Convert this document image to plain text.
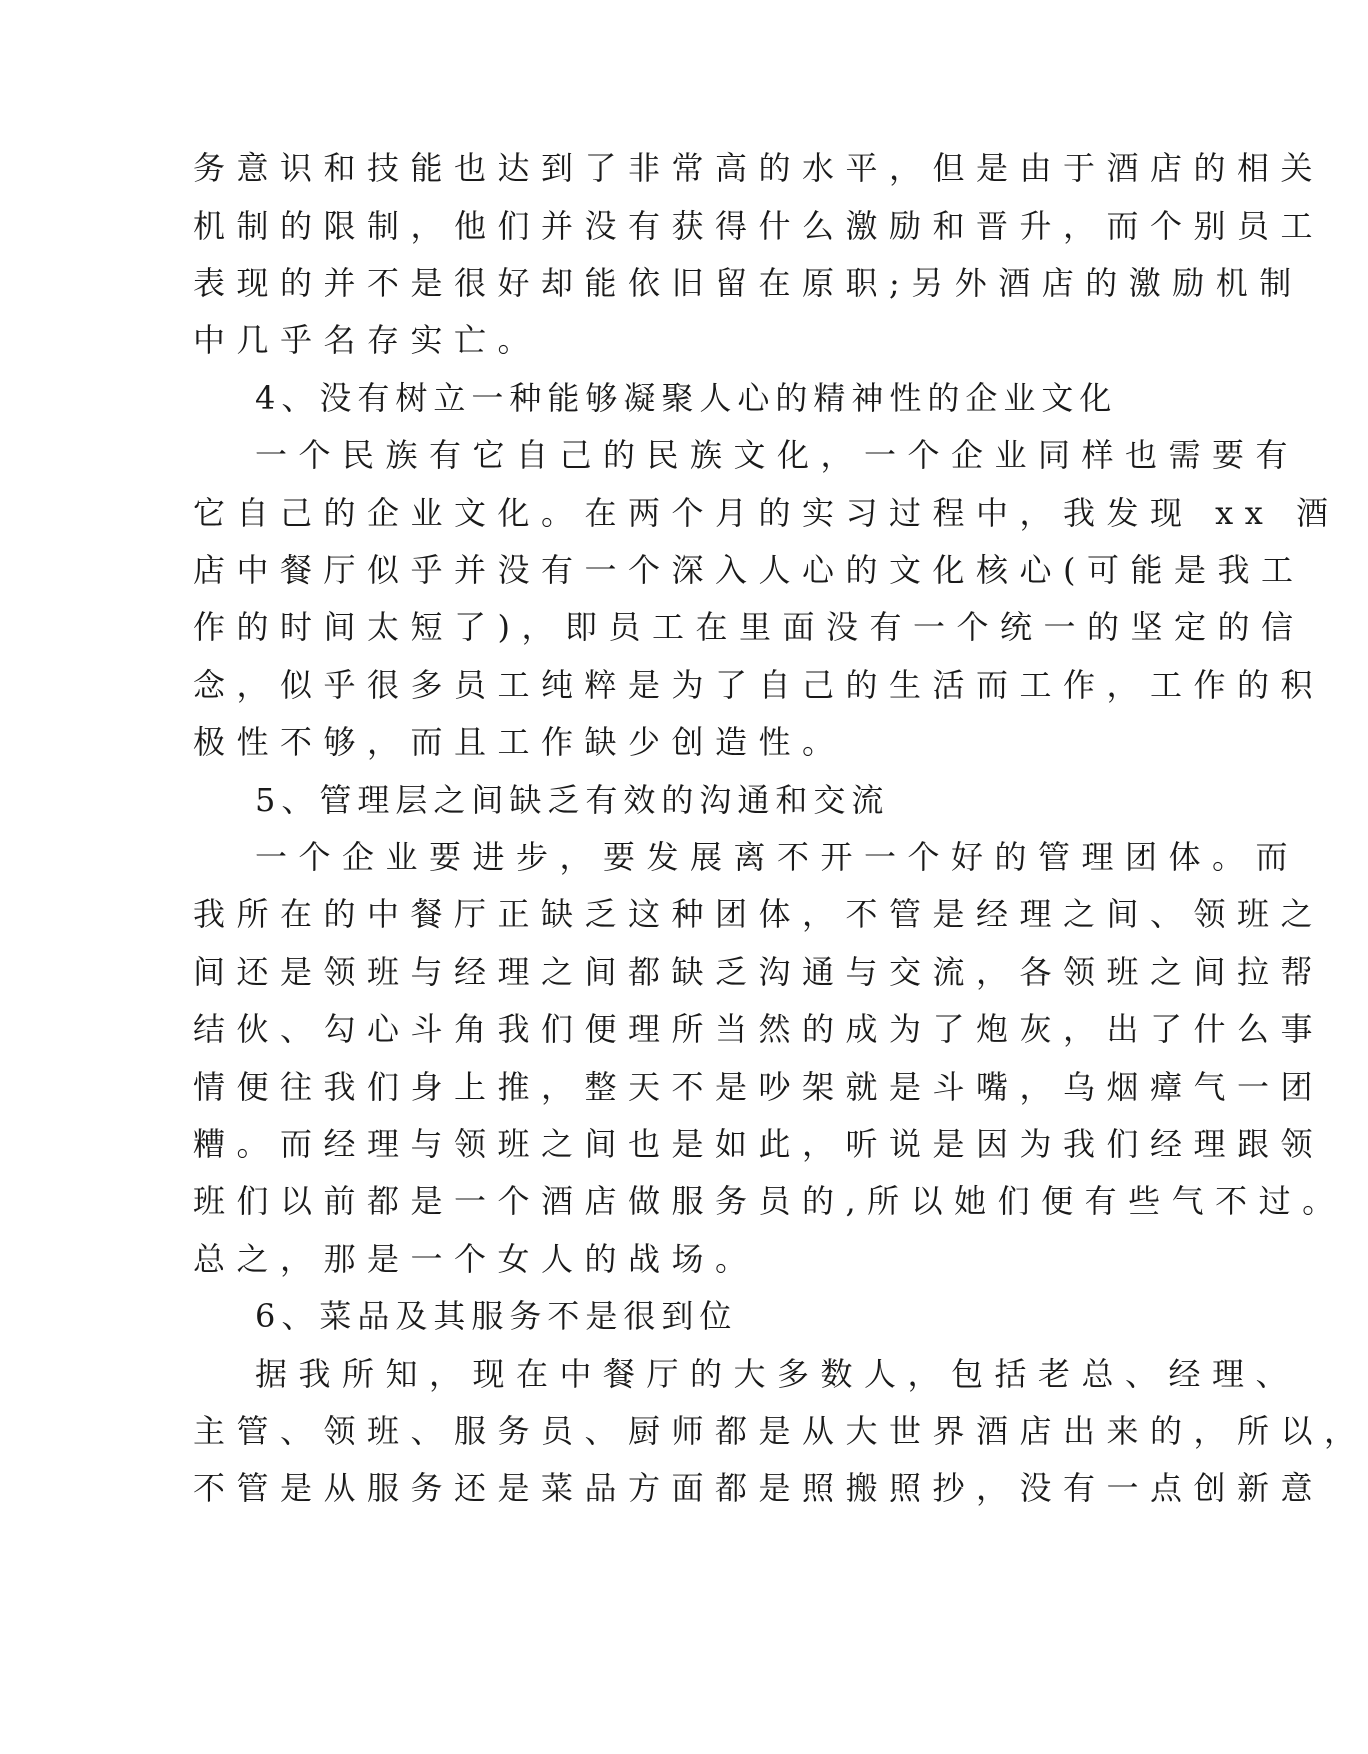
务意识和技能也达到了非常高的水平，但是由于酒店的相关
机制的限制，他们并没有获得什么激励和晋升，而个别员工
表现的并不是很好却能依旧留在原职;另外酒店的激励机制
中几乎名存实亡。
4、没有树立一种能够凝聚人心的精神性的企业文化
一个民族有它自己的民族文化，一个企业同样也需要有
它自己的企业文化。在两个月的实习过程中，我发现 xx 酒
店中餐厅似乎并没有一个深入人心的文化核心(可能是我工
作的时间太短了)，即员工在里面没有一个统一的坚定的信
念，似乎很多员工纯粹是为了自己的生活而工作，工作的积
极性不够，而且工作缺少创造性。
5、管理层之间缺乏有效的沟通和交流
一个企业要进步，要发展离不开一个好的管理团体。而
我所在的中餐厅正缺乏这种团体，不管是经理之间、领班之
间还是领班与经理之间都缺乏沟通与交流，各领班之间拉帮
结伙、勾心斗角我们便理所当然的成为了炮灰，出了什么事
情便往我们身上推，整天不是吵架就是斗嘴，乌烟瘴气一团
糟。而经理与领班之间也是如此，听说是因为我们经理跟领
班们以前都是一个酒店做服务员的,所以她们便有些气不过。
总之，那是一个女人的战场。
6、菜品及其服务不是很到位
据我所知，现在中餐厅的大多数人，包括老总、经理、
主管、领班、服务员、厨师都是从大世界酒店出来的，所以，
不管是从服务还是菜品方面都是照搬照抄，没有一点创新意
